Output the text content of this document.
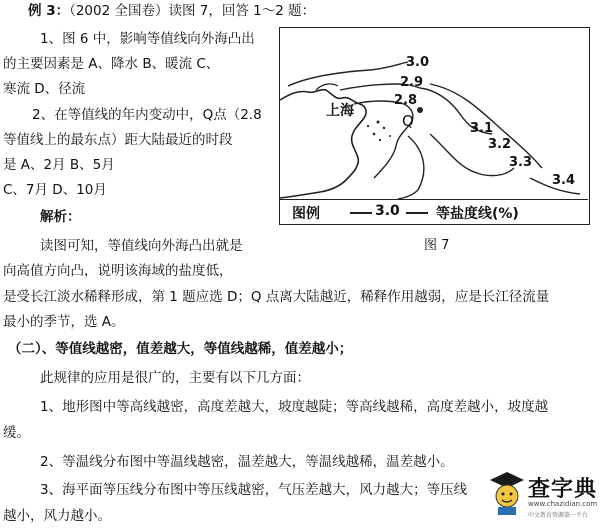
例 3：（2002 全国卷）读图 7，回答 1～2 题：
1、图 6 中，影响等值线向外海凸出
的主要因素是 A、降水 B、暖流 C、
寒流 D、径流
2、在等值线的年内变动中，Q点（2.8
等值线上的最东点）距大陆最近的时段
是 A、2月 B、5月
C、7月 D、10月
解析：
读图可知，等值线向外海凸出就是
向高值方向凸，说明该海域的盐度低，
是受长江淡水稀释形成，第 1 题应选 D；Q 点离大陆越近，稀释作用越弱，应是长江径流量
最小的季节，选 A。
（二）、等值线越密，值差越大，等值线越稀，值差越小；
此规律的应用是很广的，主要有以下几方面：
1、地形图中等高线越密，高度差越大，坡度越陡；等高线越稀，高度差越小，坡度越
缓。
2、等温线分布图中等温线越密，温差越大，等温线越稀，温差越小。
3、海平面等压线分布图中等压线越密，气压差越大，风力越大；等压线
越小，风力越小。
3.0
2.9
2.8
3.1
3.2
3.3
3.4
上海
Q
图例	3.0	等盐度线(%)
图 7
查字典
www.chazidian.com
中文教育资源第一平台
